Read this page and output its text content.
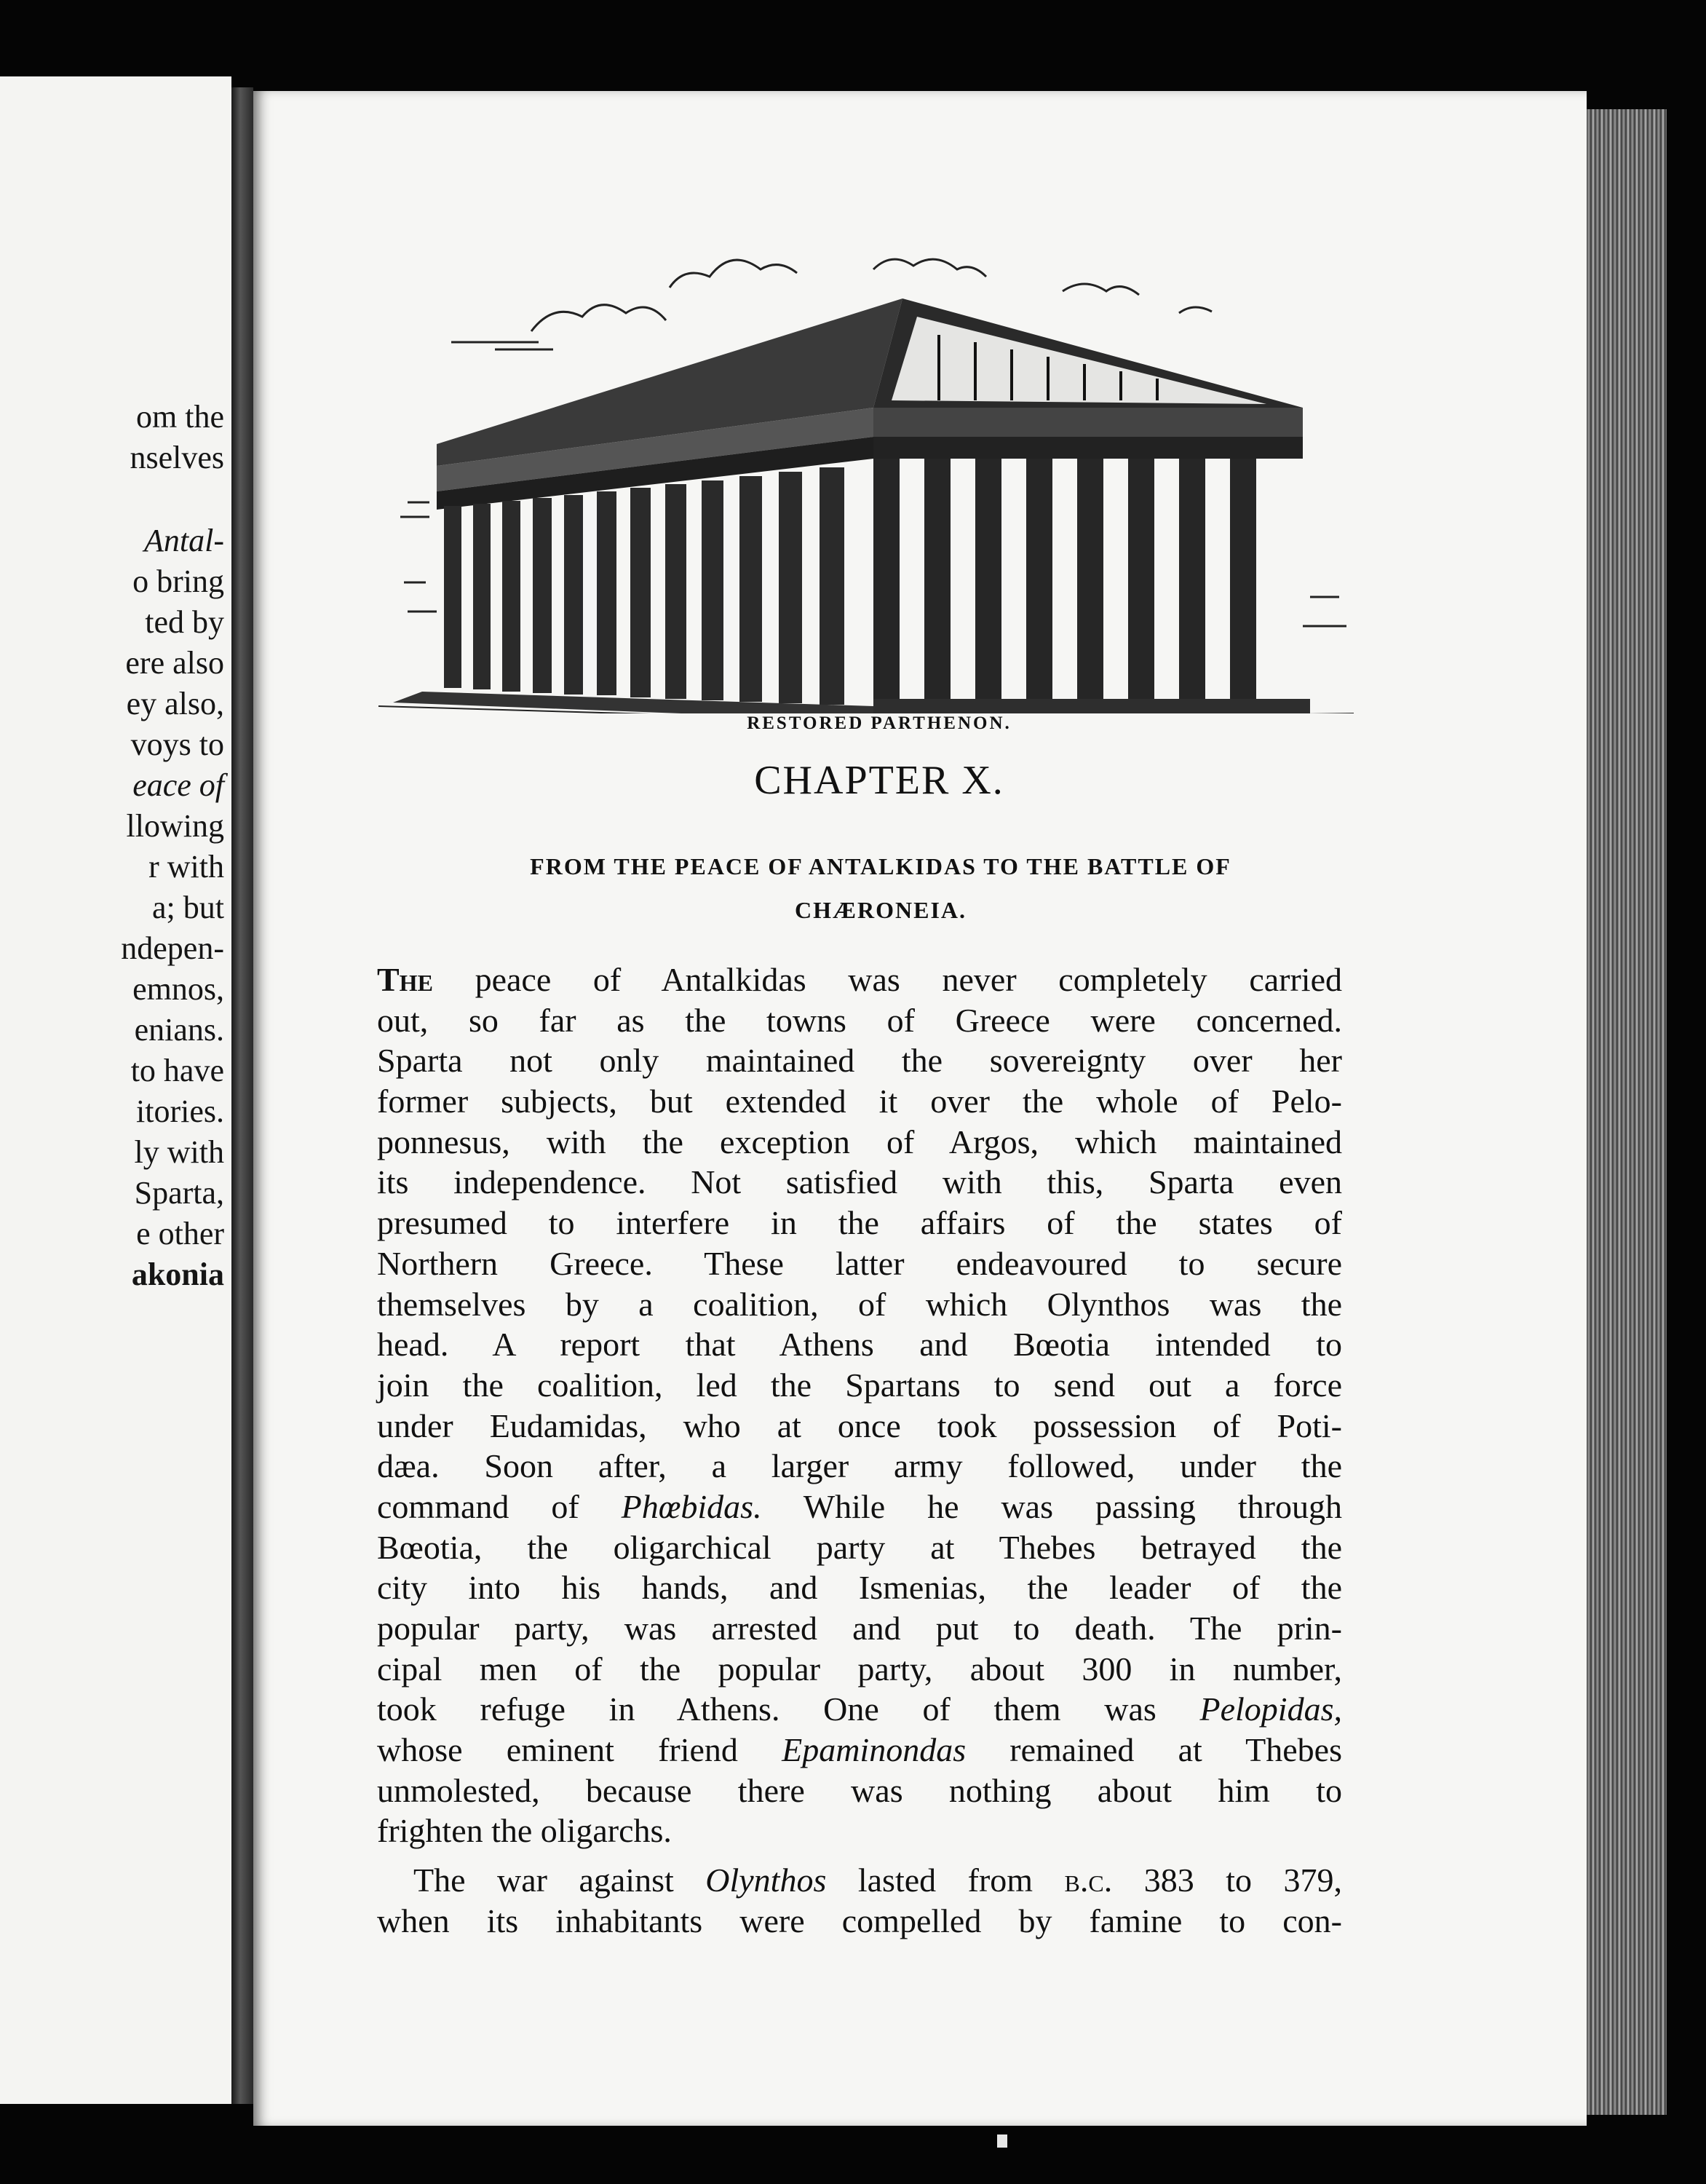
om the
nselves
Antal-
o bring
ted by
ere also
ey also,
voys to
eace of
llowing
r with
a; but
ndepen-
emnos,
enians.
to have
itories.
ly with
Sparta,
e other
akonia
RESTORED PARTHENON.
CHAPTER X.
FROM THE PEACE OF ANTALKIDAS TO THE BATTLE OF
CHÆRONEIA.
The peace of Antalkidas was never completely carried
out, so far as the towns of Greece were concerned.
Sparta not only maintained the sovereignty over her
former subjects, but extended it over the whole of Pelo-
ponnesus, with the exception of Argos, which maintained
its independence. Not satisfied with this, Sparta even
presumed to interfere in the affairs of the states of
Northern Greece. These latter endeavoured to secure
themselves by a coalition, of which Olynthos was the
head. A report that Athens and Bœotia intended to
join the coalition, led the Spartans to send out a force
under Eudamidas, who at once took possession of Poti-
dæa. Soon after, a larger army followed, under the
command of Phœbidas. While he was passing through
Bœotia, the oligarchical party at Thebes betrayed the
city into his hands, and Ismenias, the leader of the
popular party, was arrested and put to death. The prin-
cipal men of the popular party, about 300 in number,
took refuge in Athens. One of them was Pelopidas,
whose eminent friend Epaminondas remained at Thebes
unmolested, because there was nothing about him to
frighten the oligarchs.
The war against Olynthos lasted from b.c. 383 to 379,
when its inhabitants were compelled by famine to con-
